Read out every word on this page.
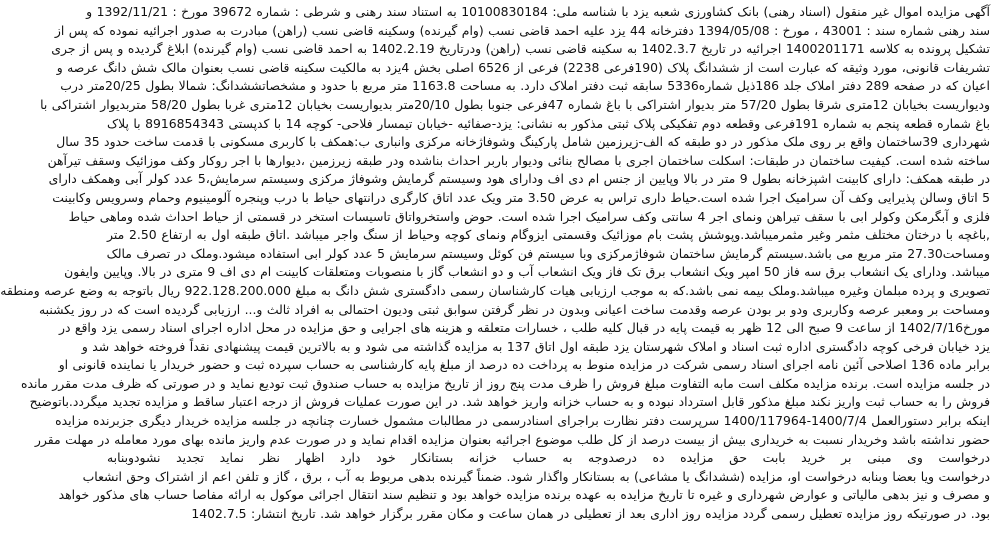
آگهی مزایده اموال غیر منقول (اسناد رهنی) بانک کشاورزی شعبه یزد با شناسه ملی: 10100830184 به استناد سند رهنی و شرطی : شماره 39672 مورخ : 1392/11/21 و
سند رهنی شماره سند : 43001 ، مورخ : 1394/05/08 دفترخانه 44 یزد علیه احمد قاضی نسب (وام گیرنده) وسکینه قاضی نسب (راهن) مبادرت به صدور اجرائیه نموده که پس از
تشکیل پرونده به کلاسه 1400201171 اجرائیه در تاریخ 1402.3.7 به سکینه قاضی نسب (راهن) ودرتاریخ 1402.2.19 به احمد قاضی نسب (وام گیرنده) ابلاغ گردیده و پس از جری
تشریفات قانونی، مورد وثیقه که عبارت است از ششدانگ پلاک (190فرعی 2238) فرعی از 6526 اصلی بخش 4یزد به مالکیت سکینه قاضی نسب بعنوان مالک شش دانگ عرصه و
اعیان که در صفحه 289 دفتر املاک جلد 186ذیل شماره5336 سابقه ثبت دفتر املاک دارد. به مساحت 1163.8 متر مربع با حدود و مشخصاتششدانگ: شمالا بطول 20/25متر درب
ودیواریست بخیابان 12متری شرقا بطول 57/20 متر بدیوار اشتراکی با باغ شماره 47فرعی جنوبا بطول 20/10متر بدیواریست بخیابان 12متری غربا بطول 58/20 متربدیوار اشتراکی با
باغ شماره قطعه پنجم به شماره 191فرعی وقطعه دوم تفکیکی پلاک ثبتی مذکور به نشانی: یزد-صفائیه -خیابان تیمسار فلاحی- کوچه 14 با کدپستی 8916854343 با پلاک
شهرداری 39ساختمان واقع بر روی ملک مذکور در دو طبقه که الف-زیرزمین شامل پارکینگ وشوفاژخانه مرکزی وانباری ب:همکف با کاربری مسکونی با قدمت ساخت حدود 35 سال
ساخته شده است. کیفیت ساختمان در طبقات: اسکلت ساختمان اجری با مصالح بنائی ودیوار باربر احداث بناشده ودر طبقه زیرزمین ،دیوارها با اجر روکار وکف موزائیک وسقف تیرآهن
در طبقه همکف: دارای کابینت اشپزخانه بطول 9 متر در بالا وپایین از جنس ام دی اف ودارای هود وسیستم گرمایش وشوفاژ مرکزی وسیستم سرمایش،5 عدد کولر آبی وهمکف دارای
5 اتاق وسالن پذیرایی وکف آن سرامیک اجرا شده است.حیاط داری تراس به عرض 3.50 متر ویک عدد اتاق کارگری درانتهای حیاط با درب وپنجره آلومینیوم وحمام وسرویس وکابینت
فلزی و آبگرمکن وکولر ابی با سقف تیراهن ونمای اجر 4 سانتی وکف سرامیک اجرا شده است. حوض واستخرواتاق تاسیسات استخر در قسمتی از حیاط احداث شده وماهی حیاط
,باغچه با درختان مختلف مثمر وغیر مثمرمیباشد.وپوشش پشت بام موزائیک وقسمتی ایزوگام ونمای کوچه وحیاط از سنگ واجر میباشد .اتاق طبقه اول به ارتفاع 2.50 متر
ومساحت27.30 متر مربع می باشد.سیستم گرمایش ساختمان شوفاژمرکزی وبا سیستم فن کوئل وسیستم سرمایش 5 عدد کولر ابی استفاده میشود.وملک در تصرف مالک
میباشد. ودارای یک انشعاب برق سه فاز 50 امپر ویک انشعاب برق تک فاز ویک انشعاب آب و دو انشعاب گاز با منصوبات ومتعلقات کابینت ام دی اف 9 متری در بالا. وپایین وایفون
تصویری و پرده مبلمان وغیره میباشد.وملک بیمه نمی باشد.که به موجب ارزیابی هیات کارشناسان رسمی دادگستری شش دانگ به مبلغ 922.128.200.000 ریال باتوجه به وضع عرصه ومنطقه
ومساحت بر ومعبر عرصه وکاربری ودو بر بودن عرصه وقدمت ساخت اعیانی وبدون در نظر گرفتن سوابق ثبتی ودیون احتمالی به افراد ثالث و... ارزیابی گردیده است که در روز یکشنبه
مورخ1402/7/16 از ساعت 9 صبح الی 12 ظهر به قیمت پایه در قبال کلیه طلب ، خسارات متعلقه و هزینه های اجرایی و حق مزایده در محل اداره اجرای اسناد رسمی یزد واقع در
یزد خیابان فرخی کوچه دادگستری اداره ثبت اسناد و املاک شهرستان یزد طبقه اول اتاق 137 به مزایده گذاشته می شود و به بالاترین قیمت پیشنهادی نقداً فروخته خواهد شد و
برابر ماده 136 اصلاحی آئین نامه اجرای اسناد رسمی شرکت در مزایده منوط به پرداخت ده درصد از مبلغ پایه کارشناسی به حساب سپرده ثبت و حضور خریدار یا نماینده قانونی او
در جلسه مزایده است. برنده مزایده مکلف است مابه التفاوت مبلغ فروش را ظرف مدت پنج روز از تاریخ مزایده به حساب صندوق ثبت تودیع نماید و در صورتی که ظرف مدت مقرر مانده
فروش را به حساب ثبت واریز نکند مبلغ مذکور قابل استرداد نبوده و به حساب خزانه واریز خواهد شد. در این صورت عملیات فروش از درجه اعتبار ساقط و مزایده تجدید میگردد.باتوضیح
اینکه برابر دستورالعمل 1400/7/4-1400/117964 سرپرست دفتر نظارت براجرای اسنادرسمی در مطالبات مشمول خسارت چنانچه در جلسه مزایده خریدار دیگری جزبرنده مزایده
حضور نداشته باشد وخریدار نسبت به خریداری بیش از بیست درصد از کل طلب موضوع اجرائیه بعنوان مزایده اقدام نماید و در صورت عدم واریز مانده بهای مورد معامله در مهلت مقرر
درخواست وی مبنی بر خرید بابت حق مزایده ده درصدوجه به حساب خزانه بستانکار خود دارد اظهار نظر نماید تجدید نشودوبنابه
درخواست ویا بعضا وبنابه درخواست او، مزایده (ششدانگ یا مشاعی) به بستانکار واگذار شود. ضمناً گیرنده بدهی مربوط به آب ، برق ، گاز و تلفن اعم از اشتراک وحق انشعاب
و مصرف و نیز بدهی مالیاتی و عوارض شهرداری و غیره تا تاریخ مزایده به عهده برنده مزایده خواهد بود و تنظیم سند انتقال اجرائی موکول به ارائه مفاصا حساب های مذکور خواهد
بود. در صورتیکه روز مزایده تعطیل رسمی گردد مزایده روز اداری بعد از تعطیلی در همان ساعت و مکان مقرر برگزار خواهد شد. تاریخ انتشار: 1402.7.5
